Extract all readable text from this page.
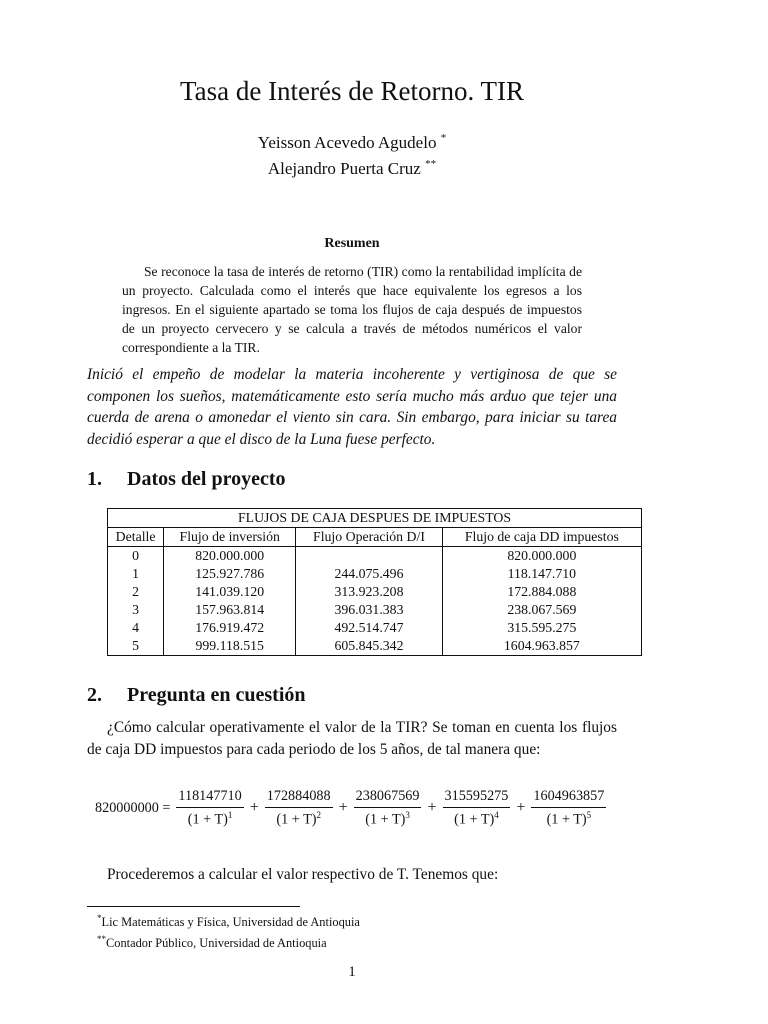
Tasa de Interés de Retorno. TIR
Yeisson Acevedo Agudelo *
Alejandro Puerta Cruz **
Resumen

Se reconoce la tasa de interés de retorno (TIR) como la rentabilidad implícita de un proyecto. Calculada como el interés que hace equivalente los egresos a los ingresos. En el siguiente apartado se toma los flujos de caja después de impuestos de un proyecto cervecero y se calcula a través de métodos numéricos el valor correspondiente a la TIR.

Inició el empeño de modelar la materia incoherente y vertiginosa de que se componen los sueños, matemáticamente esto sería mucho más arduo que tejer una cuerda de arena o amonedar el viento sin cara. Sin embargo, para iniciar su tarea decidió esperar a que el disco de la Luna fuese perfecto.
1. Datos del proyecto
FLUJOS DE CAJA DESPUES DE IMPUESTOS			
Detalle	Flujo de inversión	Flujo Operación D/I	Flujo de caja DD impuestos
0	820.000.000		820.000.000
1	125.927.786	244.075.496	118.147.710
2	141.039.120	313.923.208	172.884.088
3	157.963.814	396.031.383	238.067.569
4	176.919.472	492.514.747	315.595.275
5	999.118.515	605.845.342	1604.963.857
2. Pregunta en cuestión
¿Cómo calcular operativamente el valor de la TIR? Se toman en cuenta los flujos de caja DD impuestos para cada periodo de los 5 años, de tal manera que:
$820000000 = \frac{118147710}{(1 + T)^1} + \frac{172884088}{(1 + T)^2} + \frac{238067569}{(1 + T)^3} + \frac{315595275}{(1 + T)^4} + \frac{1604963857}{(1 + T)^5}$
Procederemos a calcular el valor respectivo de T. Tenemos que:
*Lic Matemáticas y Física, Universidad de Antioquia
**Contador Público, Universidad de Antioquia
1
